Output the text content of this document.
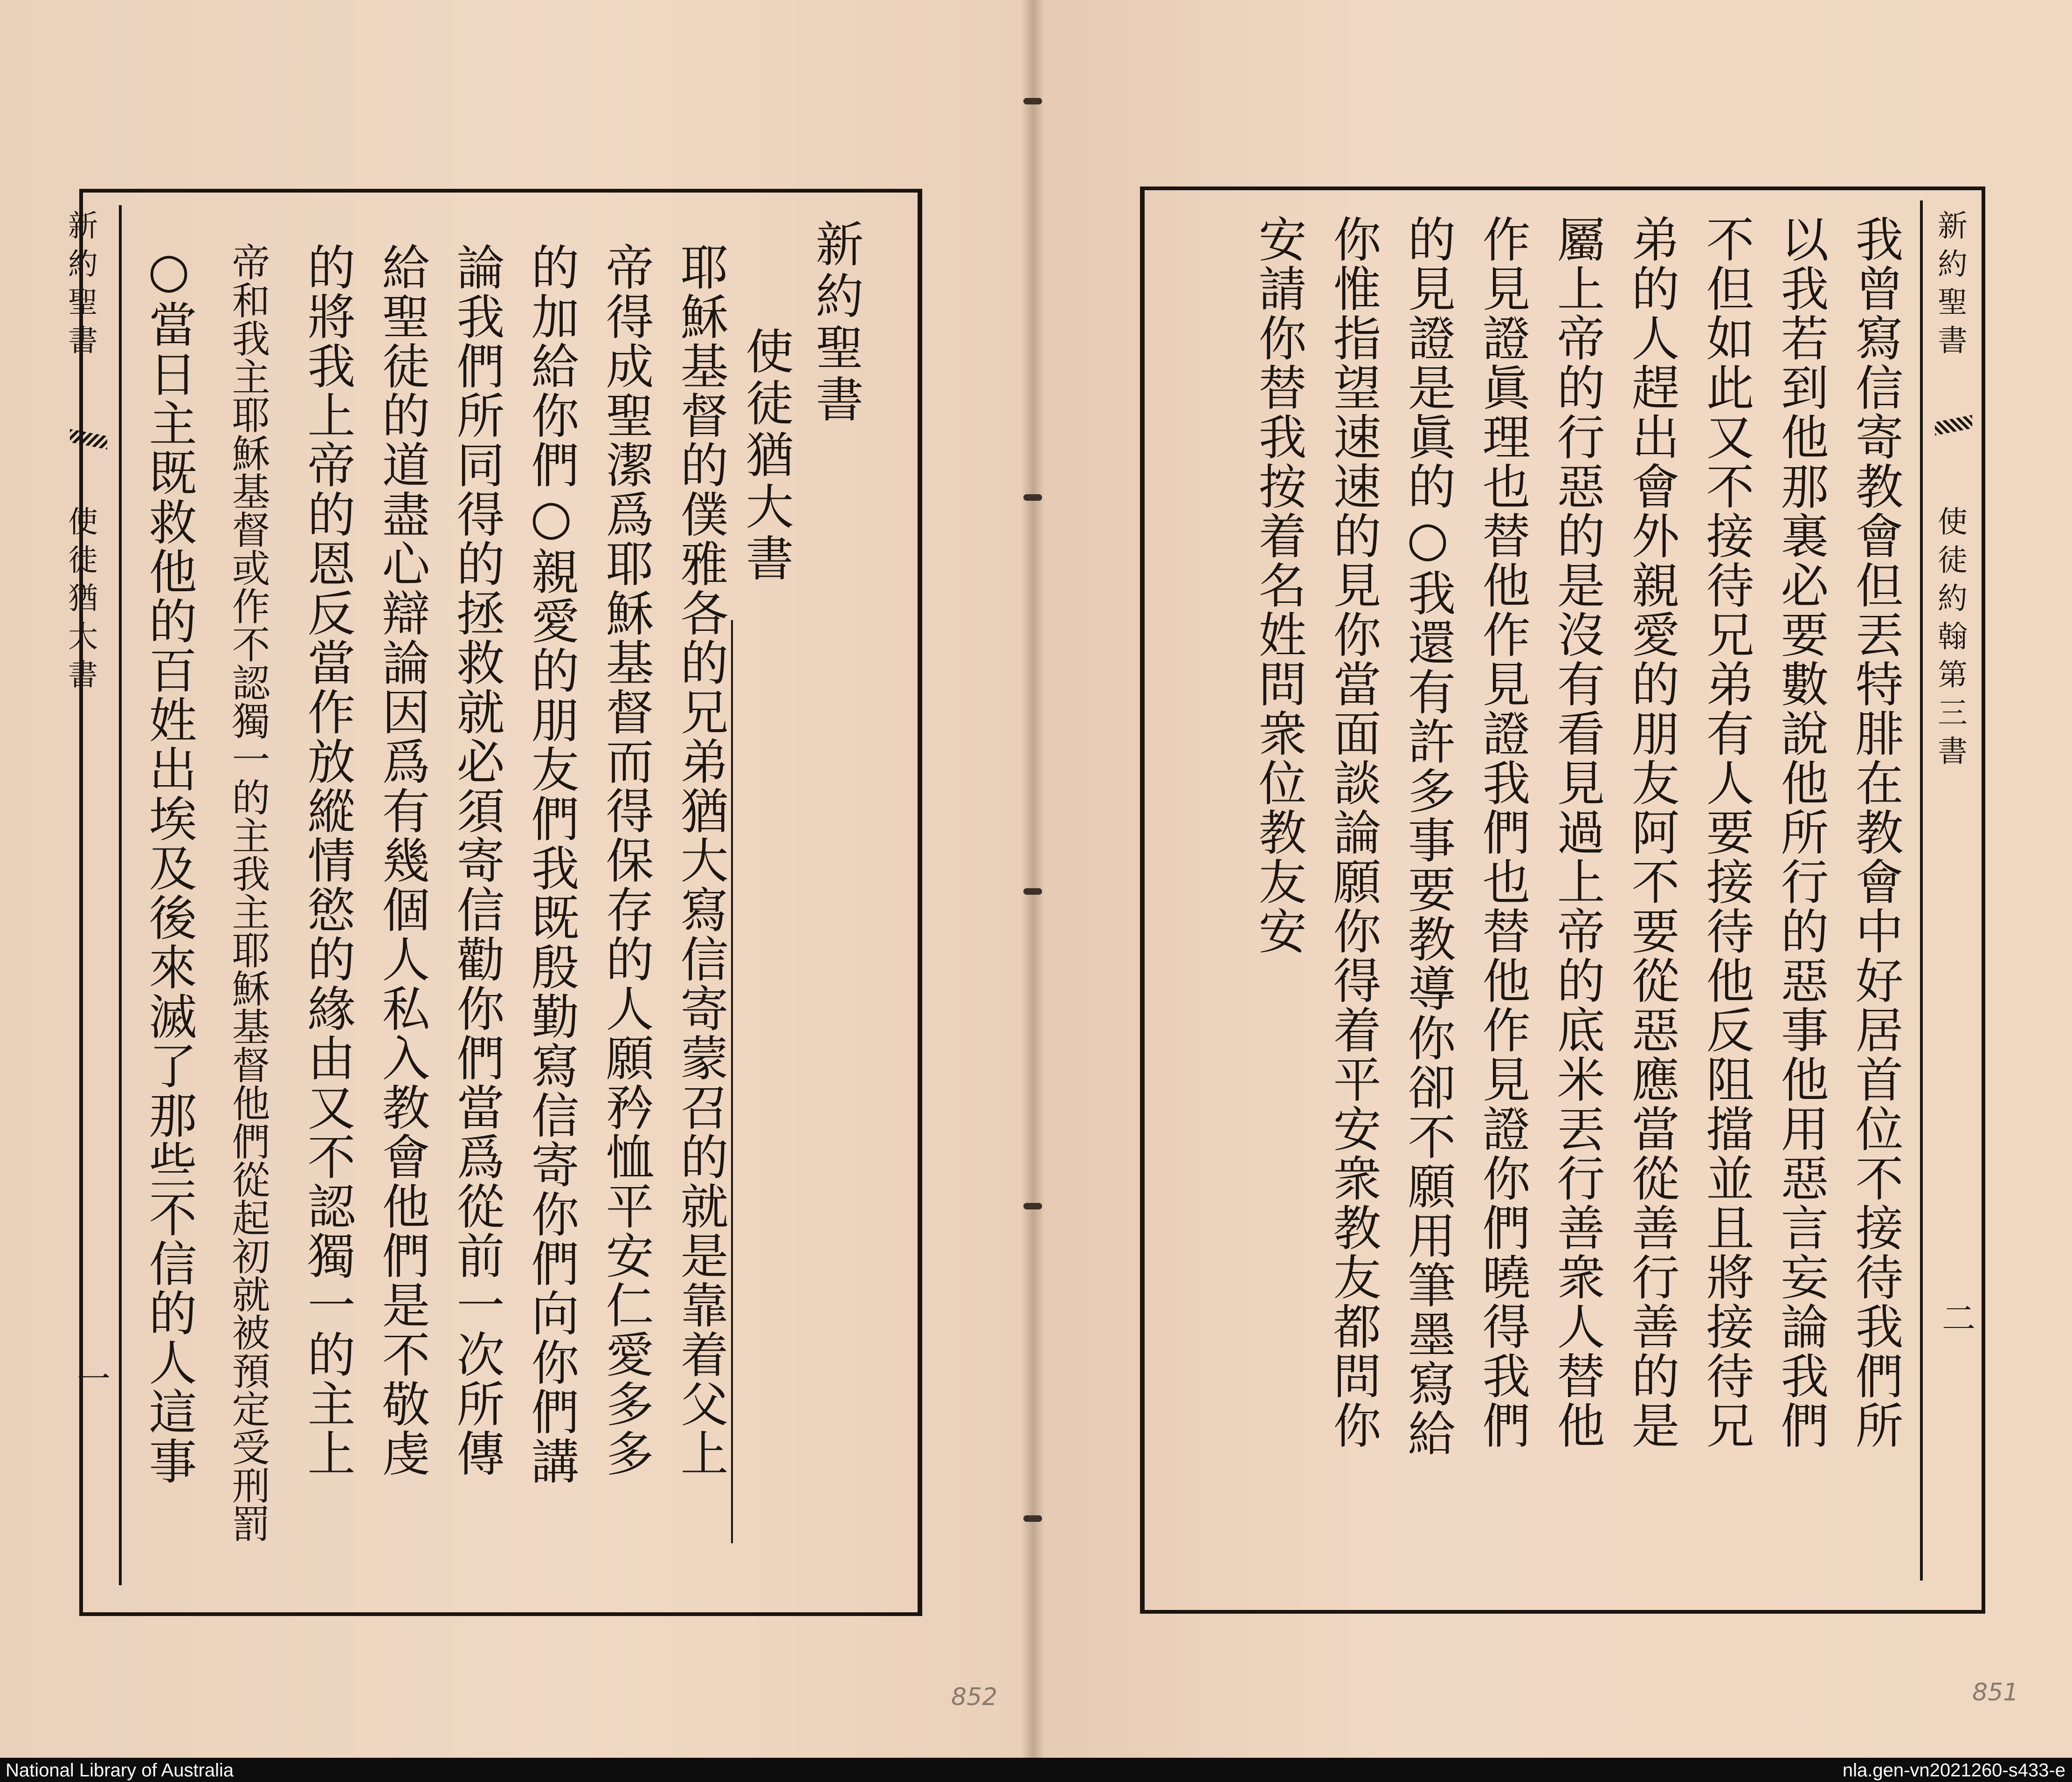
新約聖書
使徒猶大書
一
新約聖書
使徒猶大書
耶穌基督的僕雅各的兄弟猶大寫信寄蒙召的就是靠着父上
帝得成聖潔爲耶穌基督而得保存的人願矜恤平安仁愛多多
的加給你們○親愛的朋友們我既殷勤寫信寄你們向你們講
論我們所同得的拯救就必須寄信勸你們當爲從前一次所傳
給聖徒的道盡心辯論因爲有幾個人私入教會他們是不敬虔
的將我上帝的恩反當作放縱情慾的緣由又不認獨一的主上
帝和我主耶穌基督或作不認獨一的主我主耶穌基督他們從起初就被預定受刑罰
○當日主既救他的百姓出埃及後來滅了那些不信的人這事	新約聖書
使徒約翰第三書
二
我曾寫信寄教會但丟特腓在教會中好居首位不接待我們所
以我若到他那裏必要數說他所行的惡事他用惡言妄論我們
不但如此又不接待兄弟有人要接待他反阻擋並且將接待兄
弟的人趕出會外親愛的朋友阿不要從惡應當從善行善的是
屬上帝的行惡的是沒有看見過上帝的底米丟行善衆人替他
作見證眞理也替他作見證我們也替他作見證你們曉得我們
的見證是眞的○我還有許多事要教導你卻不願用筆墨寫給
你惟指望速速的見你當面談論願你得着平安衆教友都問你
安請你替我按着名姓問衆位教友安
852	851
National Library of Australia	nla.gen-vn2021260-s433-e
